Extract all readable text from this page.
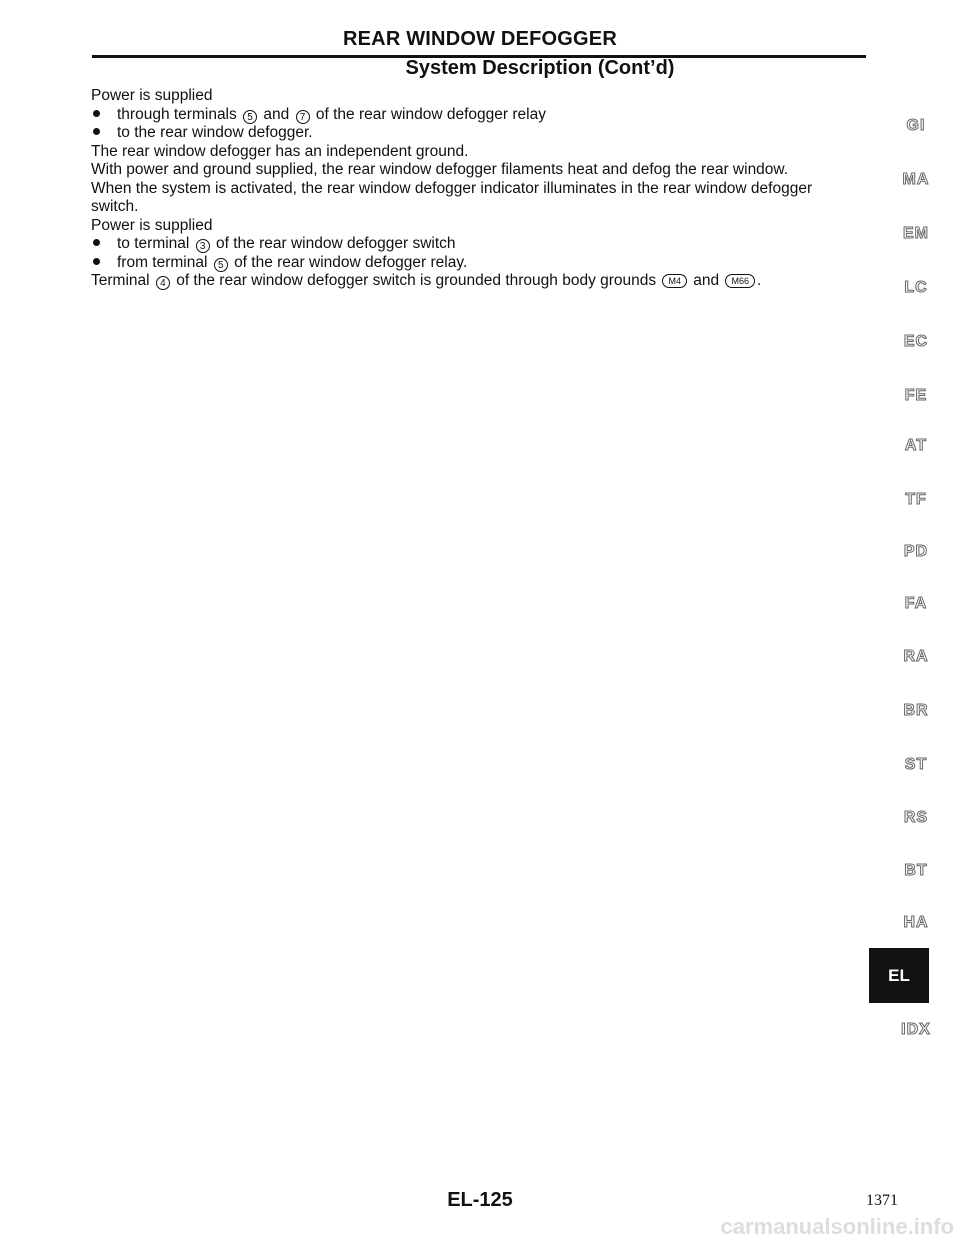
REAR WINDOW DEFOGGER
System Description (Cont’d)
Power is supplied
through terminals 5 and 7 of the rear window defogger relay
to the rear window defogger.
The rear window defogger has an independent ground.
With power and ground supplied, the rear window defogger filaments heat and defog the rear window.
When the system is activated, the rear window defogger indicator illuminates in the rear window defogger
switch.
Power is supplied
to terminal 3 of the rear window defogger switch
from terminal 5 of the rear window defogger relay.
Terminal 4 of the rear window defogger switch is grounded through body grounds M4 and M66 .
GI
MA
EM
LC
EC
FE
AT
TF
PD
FA
RA
BR
ST
RS
BT
HA
IDX
EL
EL-125	1371
carmanualsonline.info
